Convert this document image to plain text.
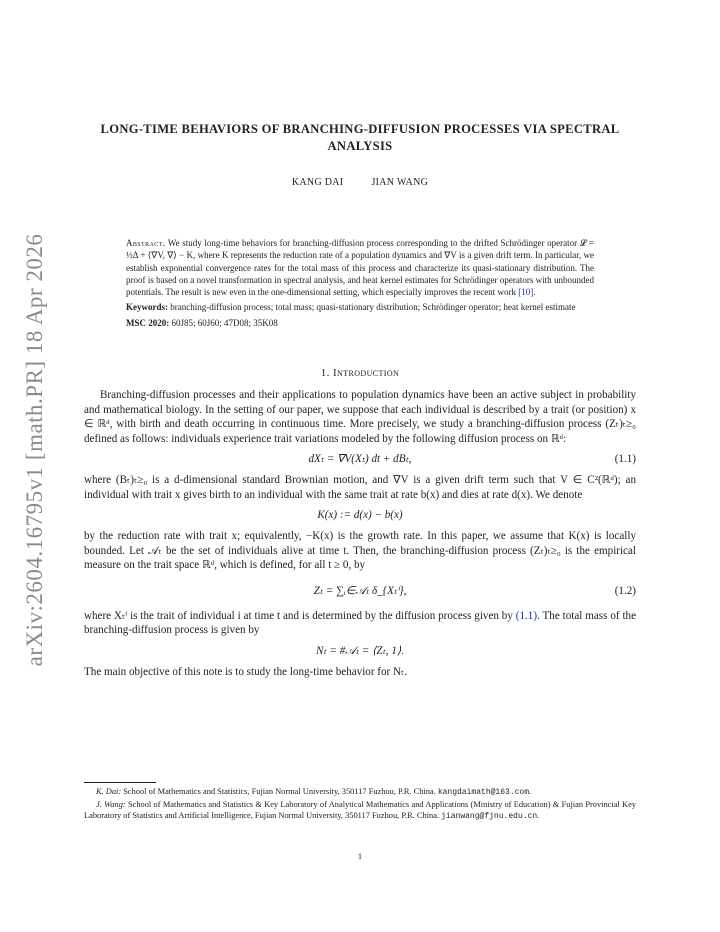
arXiv:2604.16795v1 [math.PR] 18 Apr 2026
LONG-TIME BEHAVIORS OF BRANCHING-DIFFUSION PROCESSES VIA SPECTRAL ANALYSIS
KANG DAI	JIAN WANG

Abstract. We study long-time behaviors for branching-diffusion process corresponding to the drifted Schrödinger operator 𝓛 = ½Δ + ⟨∇V, ∇⟩ − K, where K represents the reduction rate of a population dynamics and ∇V is a given drift term. In particular, we establish exponential convergence rates for the total mass of this process and characterize its quasi-stationary distribution. The proof is based on a novel transformation in spectral analysis, and heat kernel estimates for Schrödinger operators with unbounded potentials. The result is new even in the one-dimensional setting, which especially improves the recent work [10].

Keywords: branching-diffusion process; total mass; quasi-stationary distribution; Schrödinger operator; heat kernel estimate

MSC 2020: 60J85; 60J60; 47D08; 35K08

1. Introduction

Branching-diffusion processes and their applications to population dynamics have been an active subject in probability and mathematical biology. In the setting of our paper, we suppose that each individual is described by a trait (or position) x ∈ ℝᵈ, with birth and death occurring in continuous time. More precisely, we study a branching-diffusion process (Zₜ)ₜ≥₀ defined as follows: individuals experience trait variations modeled by the following diffusion process on ℝᵈ:

dXₜ = ∇V(Xₜ) dt + dBₜ,	(1.1)

where (Bₜ)ₜ≥₀ is a d-dimensional standard Brownian motion, and ∇V is a given drift term such that V ∈ C²(ℝᵈ); an individual with trait x gives birth to an individual with the same trait at rate b(x) and dies at rate d(x). We denote

K(x) := d(x) − b(x)

by the reduction rate with trait x; equivalently, −K(x) is the growth rate. In this paper, we assume that K(x) is locally bounded. Let 𝒜ₜ be the set of individuals alive at time t. Then, the branching-diffusion process (Zₜ)ₜ≥₀ is the empirical measure on the trait space ℝᵈ, which is defined, for all t ≥ 0, by

Zₜ = ∑ᵢ∈𝒜ₜ δ_{Xₜⁱ},	(1.2)

where Xₜⁱ is the trait of individual i at time t and is determined by the diffusion process given by (1.1). The total mass of the branching-diffusion process is given by

Nₜ = #𝒜ₜ = ⟨Zₜ, 1⟩.

The main objective of this note is to study the long-time behavior for Nₜ.

K. Dai: School of Mathematics and Statistics, Fujian Normal University, 350117 Fuzhou, P.R. China. kangdaimath@163.com.

J. Wang: School of Mathematics and Statistics & Key Laboratory of Analytical Mathematics and Applications (Ministry of Education) & Fujian Provincial Key Laboratory of Statistics and Artificial Intelligence, Fujian Normal University, 350117 Fuzhou, P.R. China. jianwang@fjnu.edu.cn.

1
